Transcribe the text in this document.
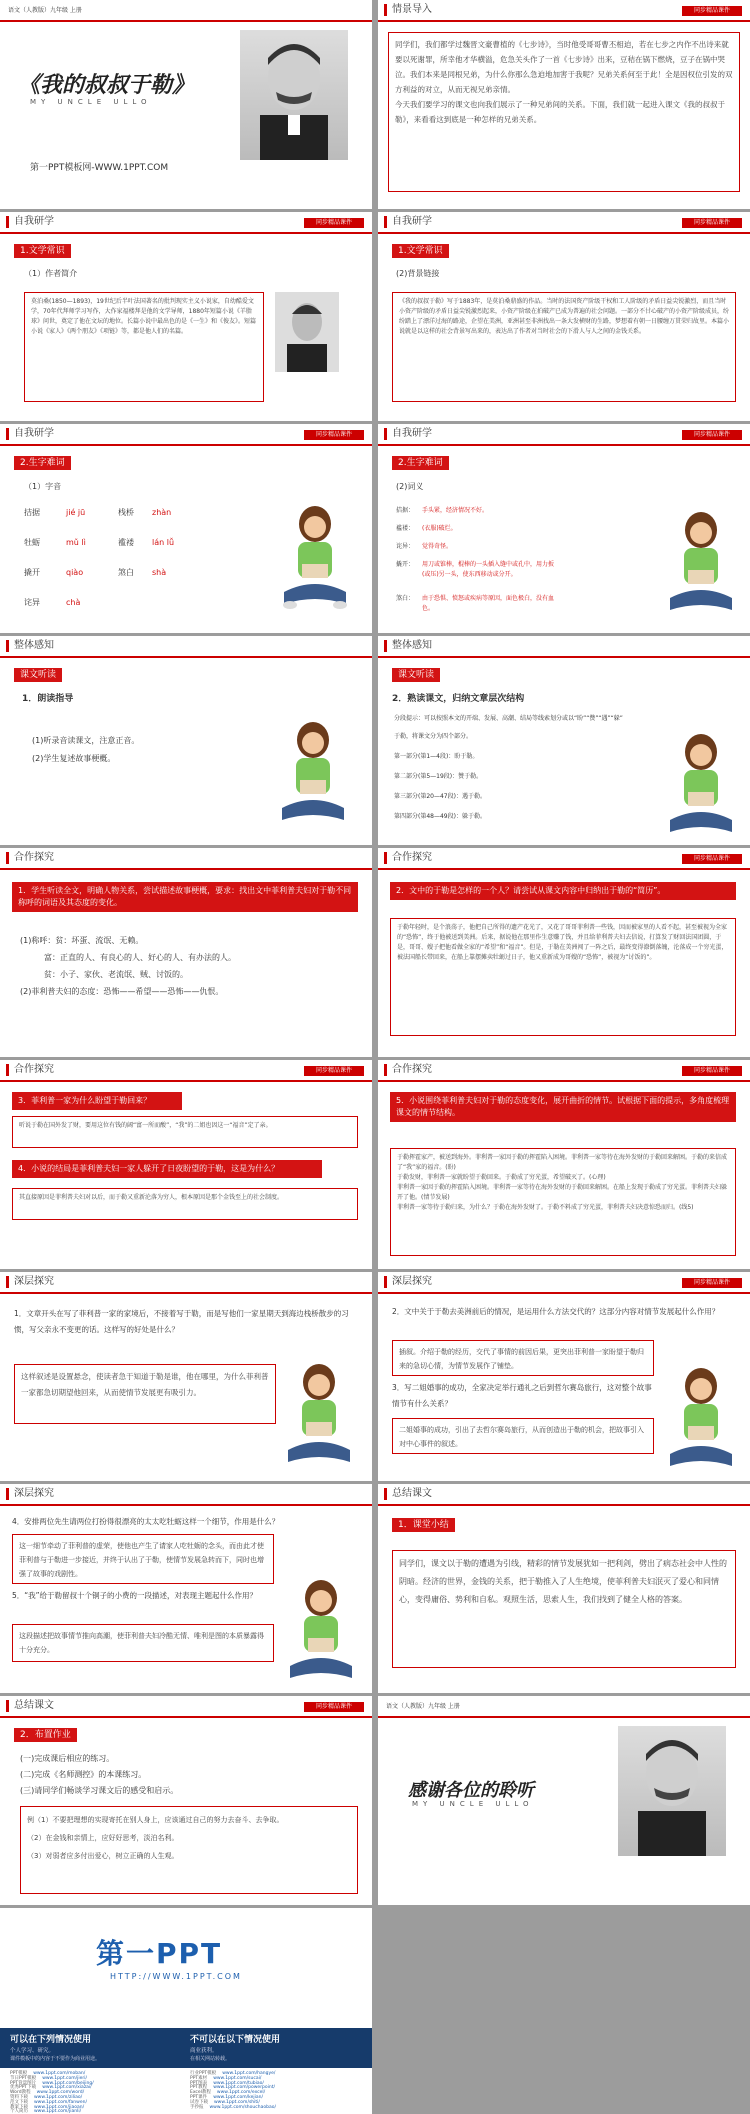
语文（人教版）九年级 上册
《我的叔叔于勒》
MY UNCLE ULLO
第一PPT模板网-WWW.1PPT.COM
情景导入	同步精品课件
同学们，我们都学过魏晋文豪曹植的《七步诗》，当时他受哥哥曹丕相迫，若在七步之内作不出诗来就要以死谢罪，所幸他才华横溢，危急关头作了一首《七步诗》出来，豆秸在锅下燃烧，豆子在锅中哭泣。我们本来是同根兄弟，为什么你那么急迫地加害于我呢？兄弟关系何至于此！全是因权位引发的双方利益的对立，从而无视兄弟亲情。
今天我们要学习的课文也向我们展示了一种兄弟间的关系。下面，我们就一起进入课文《我的叔叔于勒》，来看看这到底是一种怎样的兄弟关系。
自我研学	同步精品课件
1.文学常识
（1）作者简介
莫泊桑(1850—1893)，19世纪后半叶法国著名的批判现实主义小说家，自幼酷爱文学，70年代拜师学习写作，大作家福楼拜是他的文学导师，1880年短篇小说《羊脂球》问世，奠定了他在文坛的地位。长篇小说中最出色的是《一生》和《俊友》。短篇小说《家人》《两个朋友》《项链》等，都是他人们的名篇。
自我研学	同步精品课件
1.文学常识
(2)背景链接
《我的叔叔于勒》写于1883年，是莫泊桑鼎盛的作品。当时的法国资产阶级干权和工人阶级的矛盾日益尖锐激烈，而且当时小资产阶级的矛盾日益尖锐激烈起来，小资产阶级在拍破产已成为普遍的社会问题。一部分不甘心破产的小资产阶级成员，纷纷踏上了漂洋过海的路途，企望在美洲，亚洲甚至非洲找出一条大发横财的生路，梦想着有朝一日腰缠万贯荣归故里。本篇小说就是以这样的社会背景写出来的，表达出了作者对当时社会的下滑人与人之间的金钱关系。
自我研学	同步精品课件
2.生字难词
（1）字音
拮据	jié jū	栈桥 zhàn
牡蛎	mǔ lì	褴褛 lán lǚ
撬开	qiào	煞白 shà
诧异	chà
自我研学	同步精品课件
2.生字难词
(2)词义
拮据： 手头紧，经济情况不好。
褴褛： (衣服)破烂。
诧异： 觉得奇怪。
撬开： 用刀或锥棒，棍棒的一头插入缝中或孔中，用力扳(或压)另一头，使东西移动或分开。
煞白： 由于恐惧、愤怒或疾病等原因，面色极白，没有血色。
整体感知
课文听读
1．朗读指导
(1)听录音读课文，注意正音。
(2)学生复述故事梗概。
整体感知
课文听读
2．熟读课文，归纳文章层次结构
分段提示：可以按照本文的开端、发展、高潮、结局等线索划分或以“盼”“赞”“遇”“躲”
于勒，将课文分为四个部分。
第一部分(第1—4段)：盼于勒。
第二部分(第5—19段)：赞于勒。
第三部分(第20—47段)：遇于勒。
第四部分(第48—49段)：躲于勒。
合作探究
1．学生听读全文，明确人物关系，尝试描述故事梗概，要求：找出文中菲利普夫妇对于勒不同称呼的词语及其态度的变化。
(1)称呼：贫：坏蛋、流氓、无赖。
富：正直的人、有良心的人、好心的人、有办法的人。
贫：小子、家伙、老流氓、贼、讨饭的。
(2)菲利普夫妇的态度：恐怖——希望——恐怖——仇恨。
合作探究	同步精品课件
2．文中的于勒是怎样的一个人？请尝试从课文内容中归纳出于勒的“简历”。
于勒年轻时，是个浪荡子，他把自己所得的遗产花光了，又花了哥哥菲利普一些钱，因而被家里的人看不起，甚至被视为全家的“恐怖”，终于他被送到美洲。后来，据说他在那里作生意赚了钱，并且给菲利普夫妇去信说，打算发了财回法国团圆，于是，哥哥、嫂子把他看做全家的“希望”和“福音”。但是，于勒在美洲闯了一阵之后，最终变得潦倒落魄，沦落成一个穷光蛋，被法国船长带回来，在船上靠摆摊卖牡蛎过日子，他又重新成为哥嫂的“恐怖”，被视为“讨饭的”。
合作探究	同步精品课件
3．菲利普一家为什么盼望于勒回来？
听说于勒在国外发了财，要用这位有钱的阔“富一所而酸”，“我”的二姐也因这一“福音”定了亲。
4．小说的结局是菲利普夫妇一家人躲开了日夜盼望的于勒，这是为什么？
其直接原因是菲利普夫妇对以后，而于勒又重新沦落为穷人，根本原因是那个金钱至上的社会制度。
合作探究	同步精品课件
5．小说围绕菲利普夫妇对于勒的态度变化，展开曲折的情节。试根据下面的提示，多角度梳理课文的情节结构。
于勒挥霍家产，被送到海外。菲利普一家因于勒的挥霍陷入困境。菲利普一家等待在海外发财的于勒回来解困。于勒的来信成了“我”家的福音。(盼)
于勒发财，菲利普一家就盼望于勒回来。于勒成了穷光蛋，希望破灭了。(心理)
菲利普一家因于勒的挥霍陷入困境。菲利普一家等待在海外发财的于勒回来解困。在船上发现于勒成了穷光蛋。菲利普夫妇躲开了他。(情节发展)
菲利普一家等待于勒归来，为什么？于勒在海外发财了。于勒不料成了穷光蛋，菲利普夫妇决意惊恐而归。(线5)
深层探究
1．文章开头在写了菲利普一家的家境后，不接着写于勒，而是写他们一家星期天到海边栈桥散步的习惯，写父亲永不变更的话。这样写的好处是什么？
这样叙述是设置悬念，使读者急于知道于勒是谁，他在哪里，为什么菲利普一家都急切期望他回来，从而使情节发展更有吸引力。
深层探究	同步精品课件
2．文中关于于勒去美洲前后的情况，是运用什么方法交代的？这部分内容对情节发展起什么作用？
插叙。介绍于勒的经历，交代了事情的前因后果，更突出菲利普一家盼望于勒归来的急切心情，为情节发展作了铺垫。
3．写二姐婚事的成功，全家决定举行通礼之后到哲尔赛岛旅行，这对整个故事情节有什么关系？
二姐婚事的成功，引出了去哲尔赛岛旅行，从而创造出于勒的机会，把故事引入对中心事件的叙述。
深层探究
4．安排两位先生请两位打扮得很漂亮的太太吃牡蛎这样一个细节，作用是什么？
这一细节牵动了菲利普的虚荣，使他也产生了请家人吃牡蛎的念头，而由此才使菲利普与于勒进一步接近，并终于认出了于勒，使情节发展急转而下，同时也增强了故事的戏剧性。
5．“我”给于勒留叔十个铜子的小费的一段描述，对表现主题起什么作用？
这段描述把故事情节推向高潮，使菲利普夫妇冷酷无情、唯利是图的本质暴露得十分充分。
总结课文
1．课堂小结
同学们，课文以于勒的遭遇为引线，精彩的情节发展犹如一把利剑，劈出了病态社会中人性的阴暗。经济的世界，金钱的关系，把于勒推入了人生绝境，使菲利普夫妇泯灭了爱心和同情心，变得庸俗、势利和自私。观照生活，思索人生，我们找到了健全人格的答案。
总结课文	同步精品课件
2．布置作业
(一)完成课后相应的练习。
(二)完成《名师测控》的本课练习。
(三)请同学们畅谈学习课文后的感受和启示。
例（1）不要把理想的实现寄托在别人身上，应该通过自己的努力去奋斗、去争取。
（2）在金钱和亲情上，应好好思考，淡泊名利。
（3）对弱者应多付出爱心，树立正确的人生观。
语文（人教版）九年级 上册
感谢各位的聆听
MY UNCLE ULLO
第一PPT
HTTP://WWW.1PPT.COM
可以在下列情况使用
个人学习、研究。
课件模板中的内容于不要作为商业用途。
不可以在以下情况使用
商业获利。
在相关网站转载。
PPT模板 www.1ppt.com/moban/
节日PPT模板 www.1ppt.com/jieri/
PPT背景图片 www.1ppt.com/beijing/
优秀PPT下载 www.1ppt.com/xiazai/
Word教程 www.1ppt.com/word/
资料下载 www.1ppt.com/ziliao/
范文下载 www.1ppt.com/fanwen/
教案下载 www.1ppt.com/jiaoan/
个人简历 www.1ppt.com/jianli/
行业PPT模板 www.1ppt.com/hangye/
PPT素材 www.1ppt.com/sucai/
PPT图表 www.1ppt.com/tubiao/
PPT教程 www.1ppt.com/powerpoint/
Excel教程 www.1ppt.com/excel/
PPT课件 www.1ppt.com/kejian/
试卷下载 www.1ppt.com/shiti/
手抄报 www.1ppt.com/shouchaobao/
